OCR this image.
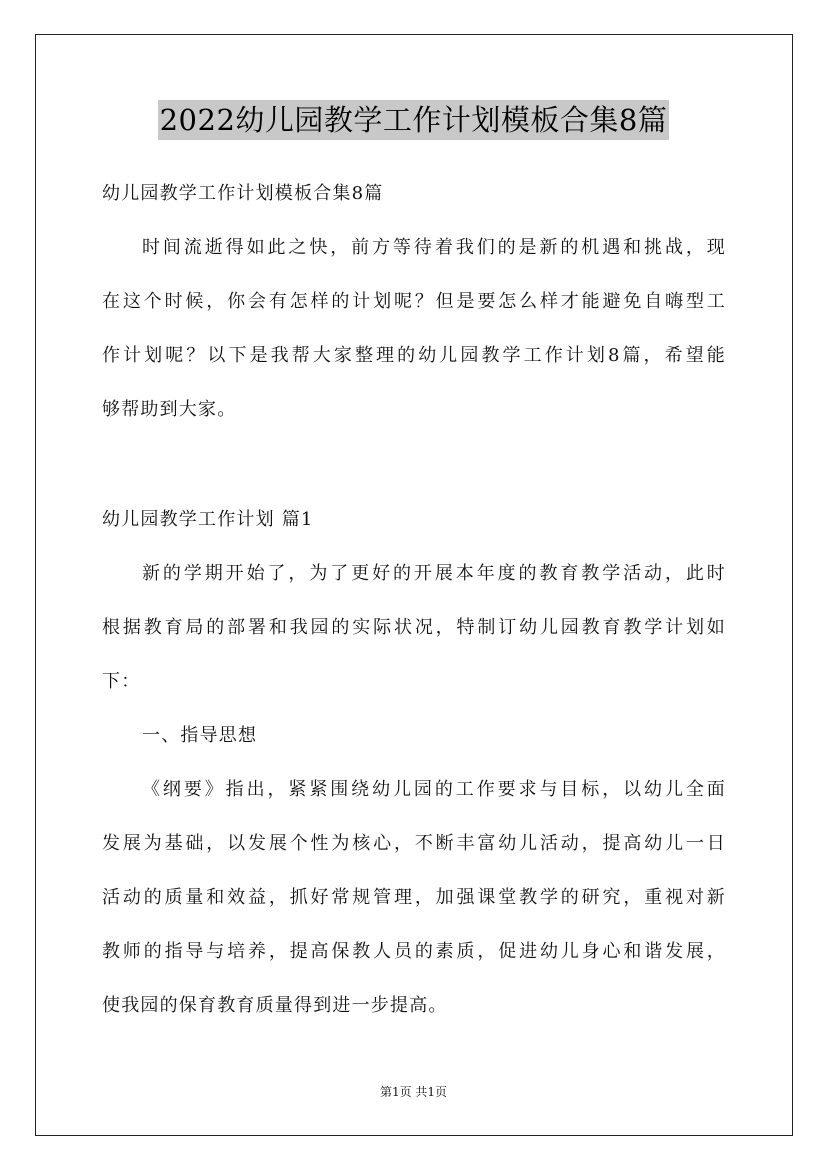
2022幼儿园教学工作计划模板合集8篇
幼儿园教学工作计划模板合集8篇
时间流逝得如此之快，前方等待着我们的是新的机遇和挑战，现
在这个时候，你会有怎样的计划呢？但是要怎么样才能避免自嗨型工
作计划呢？以下是我帮大家整理的幼儿园教学工作计划8篇，希望能
够帮助到大家。
幼儿园教学工作计划 篇1
新的学期开始了，为了更好的开展本年度的教育教学活动，此时
根据教育局的部署和我园的实际状况，特制订幼儿园教育教学计划如
下：
一、指导思想
《纲要》指出，紧紧围绕幼儿园的工作要求与目标，以幼儿全面
发展为基础，以发展个性为核心，不断丰富幼儿活动，提高幼儿一日
活动的质量和效益，抓好常规管理，加强课堂教学的研究，重视对新
教师的指导与培养，提高保教人员的素质，促进幼儿身心和谐发展，
使我园的保育教育质量得到进一步提高。
第1页 共1页
